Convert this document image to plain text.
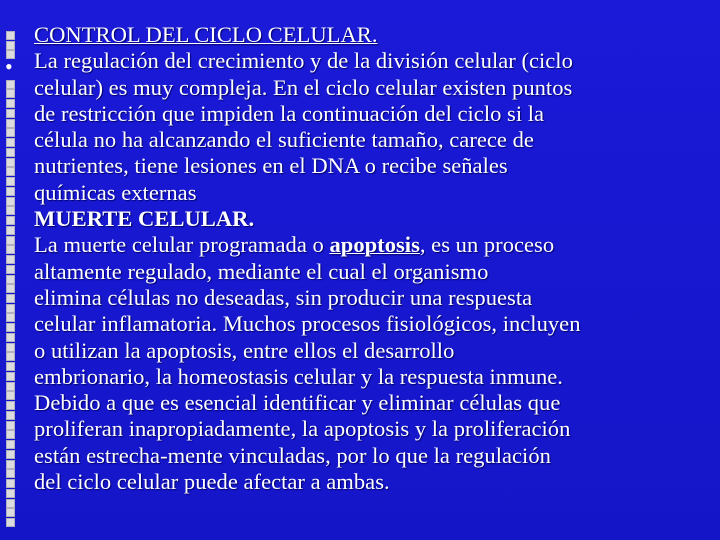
•
CONTROL DEL CICLO CELULAR.
La regulación del crecimiento y de la división celular (ciclo
celular) es muy compleja. En el ciclo celular existen puntos
de restricción que impiden la continuación del ciclo si la
célula no ha alcanzando el suficiente tamaño, carece de
nutrientes, tiene lesiones en el DNA o recibe señales
químicas externas
MUERTE CELULAR.
La muerte celular programada o apoptosis, es un proceso
altamente regulado, mediante el cual el organismo
elimina células no deseadas, sin producir una respuesta
celular inflamatoria. Muchos procesos fisiológicos, incluyen
o utilizan la apoptosis, entre ellos el desarrollo
embrionario, la homeostasis celular y la respuesta inmune.
Debido a que es esencial identificar y eliminar células que
proliferan inapropiadamente, la apoptosis y la proliferación
están estrecha-mente vinculadas, por lo que la regulación
del ciclo celular puede afectar a ambas.
